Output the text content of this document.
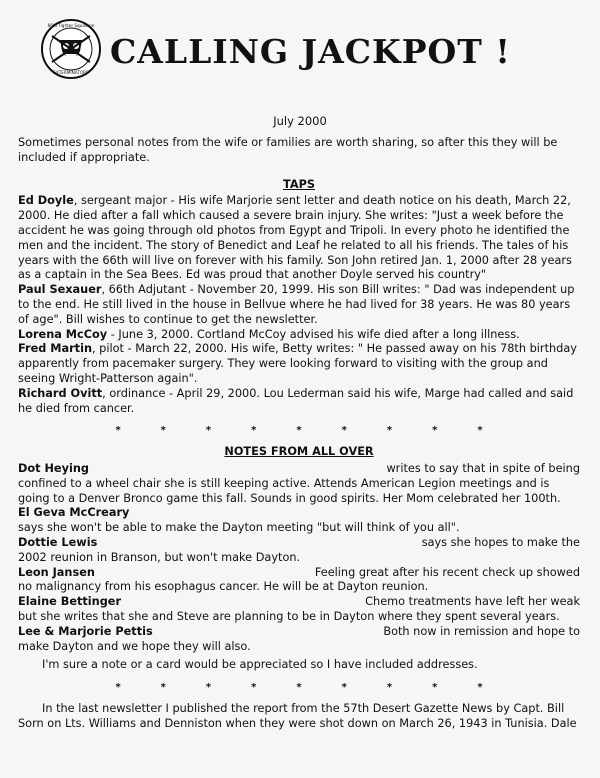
66th Fighter Squadron
EXTERMINATORS
CALLING JACKPOT !
July 2000

Sometimes personal notes from the wife or families are worth sharing, so after this they will be included if appropriate.

TAPS

Ed Doyle, sergeant major - His wife Marjorie sent letter and death notice on his death, March 22, 2000. He died after a fall which caused a severe brain injury. She writes: "Just a week before the accident he was going through old photos from Egypt and Tripoli. In every photo he identified the men and the incident. The story of Benedict and Leaf he related to all his friends. The tales of his years with the 66th will live on forever with his family. Son John retired Jan. 1, 2000 after 28 years as a captain in the Sea Bees. Ed was proud that another Doyle served his country"

Paul Sexauer, 66th Adjutant - November 20, 1999. His son Bill writes: " Dad was independent up to the end. He still lived in the house in Bellvue where he had lived for 38 years. He was 80 years of age". Bill wishes to continue to get the newsletter.

Lorena McCoy - June 3, 2000. Cortland McCoy advised his wife died after a long illness.

Fred Martin, pilot - March 22, 2000. His wife, Betty writes: " He passed away on his 78th birthday apparently from pacemaker surgery. They were looking forward to visiting with the group and seeing Wright-Patterson again".

Richard Ovitt, ordinance - April 29, 2000. Lou Lederman said his wife, Marge had called and said he died from cancer.

*	*	*	*	*	*	*	*	*
NOTES FROM ALL OVER
Dot Heying	writes to say that in spite of being

confined to a wheel chair she is still keeping active. Attends American Legion meetings and is going to a Denver Bronco game this fall. Sounds in good spirits. Her Mom celebrated her 100th.

El Geva McCreary

says she won't be able to make the Dayton meeting "but will think of you all".

Dottie Lewis	says she hopes to make the

2002 reunion in Branson, but won't make Dayton.

Leon Jansen	Feeling great after his recent check up showed

no malignancy from his esophagus cancer. He will be at Dayton reunion.

Elaine Bettinger	Chemo treatments have left her weak

but she writes that she and Steve are planning to be in Dayton where they spent several years.

Lee & Marjorie Pettis	Both now in remission and hope to

make Dayton and we hope they will also.

I'm sure a note or a card would be appreciated so I have included addresses.

*	*	*	*	*	*	*	*	*

In the last newsletter I published the report from the 57th Desert Gazette News by Capt. Bill Sorn on Lts. Williams and Denniston when they were shot down on March 26, 1943 in Tunisia. Dale
